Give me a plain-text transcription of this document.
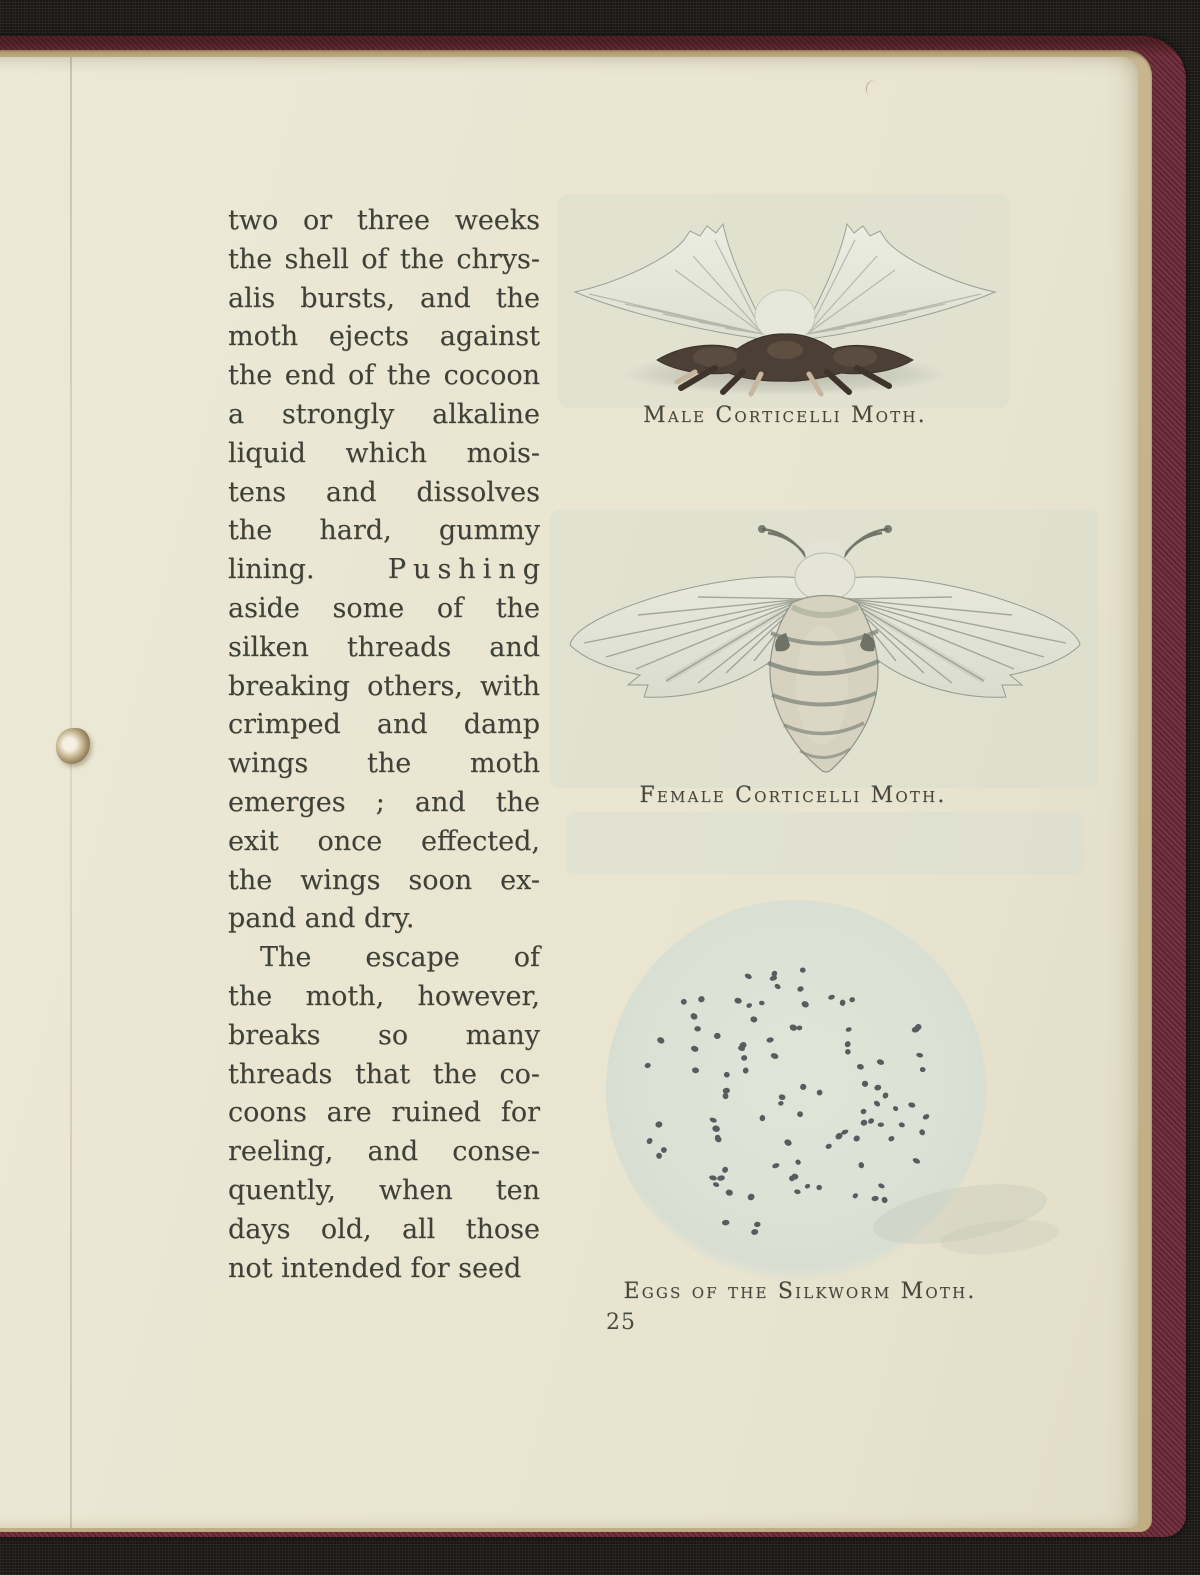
two or three weeks
the shell of the chrys-
alis bursts, and the
moth ejects against
the end of the cocoon
a strongly alkaline
liquid which mois-
tens and dissolves
the hard, gummy
lining.	Pushing
aside some of the
silken threads and
breaking others, with
crimped and damp
wings the moth
emerges ; and the
exit once effected,
the wings soon ex-
pand and dry.
The escape of
the moth, however,
breaks so many
threads that the co-
coons are ruined for
reeling, and conse-
quently, when ten
days old, all those
not intended for seed
Male Corticelli Moth.
Female Corticelli Moth.
Eggs of the Silkworm Moth.
25
